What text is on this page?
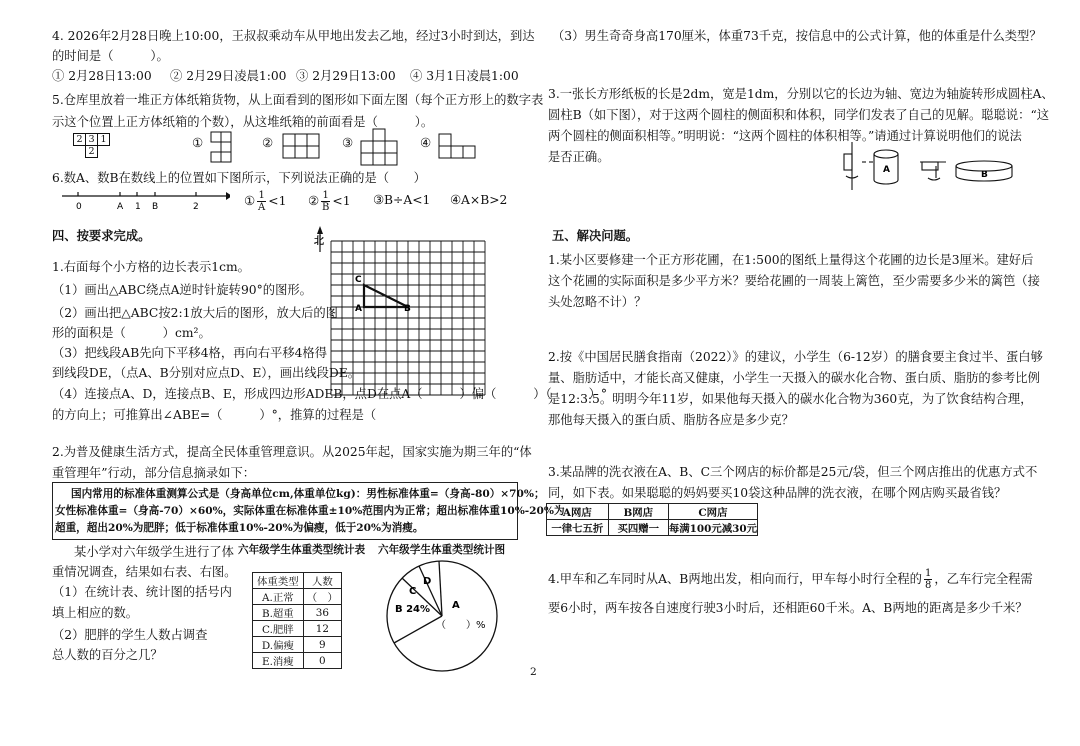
4. 2026年2月28日晚上10:00，王叔叔乘动车从甲地出发去乙地，经过3小时到达，到达
的时间是（　　　）。
① 2月28日13:00 ② 2月29日凌晨1:00 ③ 2月29日13:00 ④ 3月1日凌晨1:00
5.仓库里放着一堆正方体纸箱货物，从上面看到的图形如下面左图（每个正方形上的数字表
示这个位置上正方体纸箱的个数），从这堆纸箱的前面看是（　　　）。
2 3 1
2
①	②	③	④
6.数A、数B在数线上的位置如下图所示，下列说法正确的是（　　）
0	A 1 B	2	① $\frac{1}{A} <1$ ② $\frac{1}{B} <1$ ③B÷A<1 ④A×B>2
四、按要求完成。
1.右面每个小方格的边长表示1cm。
（1）画出△ABC绕点A逆时针旋转90°的图形。
（2）画出把△ABC按2:1放大后的图形，放大后的图
形的面积是（　　　）cm²。
（3）把线段AB先向下平移4格，再向右平移4格得
到线段DE，（点A、B分别对应点D、E），画出线段DE。
（4）连接点A、D，连接点B、E，形成四边形ADEB，点D在点A（　　　）偏（　　　）（　　　）°
的方向上；可推算出∠ABE=（　　　）°，推算的过程是（
北
C
A	B
2.为普及健康生活方式，提高全民体重管理意识。从2025年起，国家实施为期三年的“体
重管理年”行动，部分信息摘录如下：
国内常用的标准体重测算公式是（身高单位cm,体重单位kg)：男性标准体重=（身高-80）×70%；
女性标准体重=（身高-70）×60%，实际体重在标准体重±10%范围内为正常；超出标准体重10%-20%为
超重，超出20%为肥胖；低于标准体重10%-20%为偏瘦，低于20%为消瘦。
某小学对六年级学生进行了体
重情况调查，结果如右表、右图。
（1）在统计表、统计图的括号内
填上相应的数。
（2）肥胖的学生人数占调查
总人数的百分之几？
六年级学生体重类型统计表
体重类型	人数
A.正常	（　）
B.超重	36
C.肥胖	12
D.偏瘦	9
E.消瘦	0
六年级学生体重类型统计图
D
C
B 24% A
（　　）%
2
（3）男生奇奇身高170厘米，体重73千克，按信息中的公式计算，他的体重是什么类型？
3.一张长方形纸板的长是2dm，宽是1dm，分别以它的长边为轴、宽边为轴旋转形成圆柱A、
圆柱B（如下图），对于这两个圆柱的侧面积和体积，同学们发表了自己的见解。聪聪说：“这
两个圆柱的侧面积相等。”明明说：“这两个圆柱的体积相等。”请通过计算说明他们的说法
是否正确。
A	B
五、解决问题。
1.某小区要修建一个正方形花圃，在1:500的图纸上量得这个花圃的边长是3厘米。建好后
这个花圃的实际面积是多少平方米？要给花圃的一周装上篱笆，至少需要多少米的篱笆（接
头处忽略不计）？
2.按《中国居民膳食指南（2022）》的建议，小学生（6-12岁）的膳食要主食过半、蛋白够
量、脂肪适中，才能长高又健康，小学生一天摄入的碳水化合物、蛋白质、脂肪的参考比例
是12:3:5。明明今年11岁，如果他每天摄入的碳水化合物为360克，为了饮食结构合理，
那他每天摄入的蛋白质、脂肪各应是多少克？
3.某品牌的洗衣液在A、B、C三个网店的标价都是25元/袋，但三个网店推出的优惠方式不
同，如下表。如果聪聪的妈妈要买10袋这种品牌的洗衣液，在哪个网店购买最省钱？
A网店	B网店	C网店
一律七五折	买四赠一	每满100元减30元
4.甲车和乙车同时从A、B两地出发，相向而行，甲车每小时行全程的 $\frac{1}{8}$ ，乙车行完全程需
要6小时，两车按各自速度行驶3小时后，还相距60千米。A、B两地的距离是多少千米？
